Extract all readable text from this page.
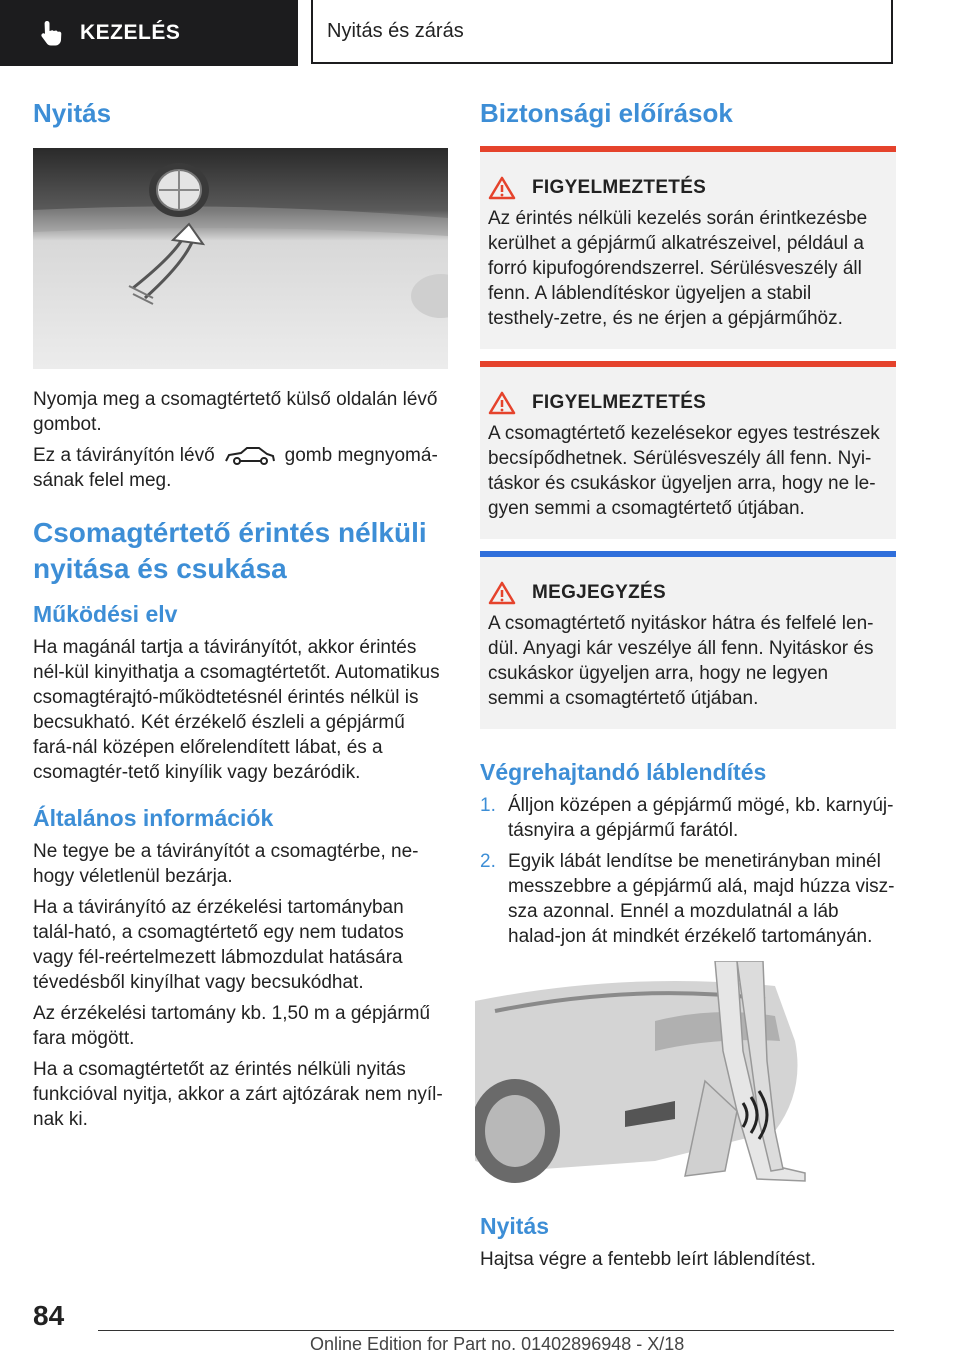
KEZELÉS	Nyitás és zárás
Nyitás

Nyomja meg a csomagtértető külső oldalán lévő gombot.

Ez a távirányítón lévő	gomb megnyomá-
sának felel meg.

Csomagtértető érintés nélküli nyitása és csukása
Működési elv

Ha magánál tartja a távirányítót, akkor érintés nél-kül kinyithatja a csomagtértetőt. Automatikus csomagtérajtó-működtetésnél érintés nélkül is becsukható. Két érzékelő észleli a gépjármű fará-nál középen előrelendített lábat, és a csomagtér-tető kinyílik vagy bezáródik.

Általános információk

Ne tegye be a távirányítót a csomagtérbe, ne-hogy véletlenül bezárja.

Ha a távirányító az érzékelési tartományban talál-ható, a csomagtértető egy nem tudatos vagy fél-reértelmezett lábmozdulat hatására tévedésből kinyílhat vagy becsukódhat.

Az érzékelési tartomány kb. 1,50 m a gépjármű fara mögött.

Ha a csomagtértetőt az érintés nélküli nyitás funkcióval nyitja, akkor a zárt ajtózárak nem nyíl-nak ki.

Biztonsági előírások
FIGYELMEZTETÉS

Az érintés nélküli kezelés során érintkezésbe kerülhet a gépjármű alkatrészeivel, például a forró kipufogórendszerrel. Sérülésveszély áll fenn. A láblendítéskor ügyeljen a stabil testhely-zetre, és ne érjen a gépjárműhöz.

FIGYELMEZTETÉS

A csomagtértető kezelésekor egyes testrészek becsípődhetnek. Sérülésveszély áll fenn. Nyi-táskor és csukáskor ügyeljen arra, hogy ne le-gyen semmi a csomagtértető útjában.

MEGJEGYZÉS

A csomagtértető nyitáskor hátra és felfelé len-dül. Anyagi kár veszélye áll fenn. Nyitáskor és csukáskor ügyeljen arra, hogy ne legyen semmi a csomagtértető útjában.

Végrehajtandó láblendítés
1. Álljon középen a gépjármű mögé, kb. karnyúj-tásnyira a gépjármű farától.
2. Egyik lábát lendítse be menetirányban minél messzebbre a gépjármű alá, majd húzza visz-sza azonnal. Ennél a mozdulatnál a láb halad-jon át mindkét érzékelő tartományán.
Nyitás

Hajtsa végre a fentebb leírt láblendítést.

84
Online Edition for Part no. 01402896948 - X/18
